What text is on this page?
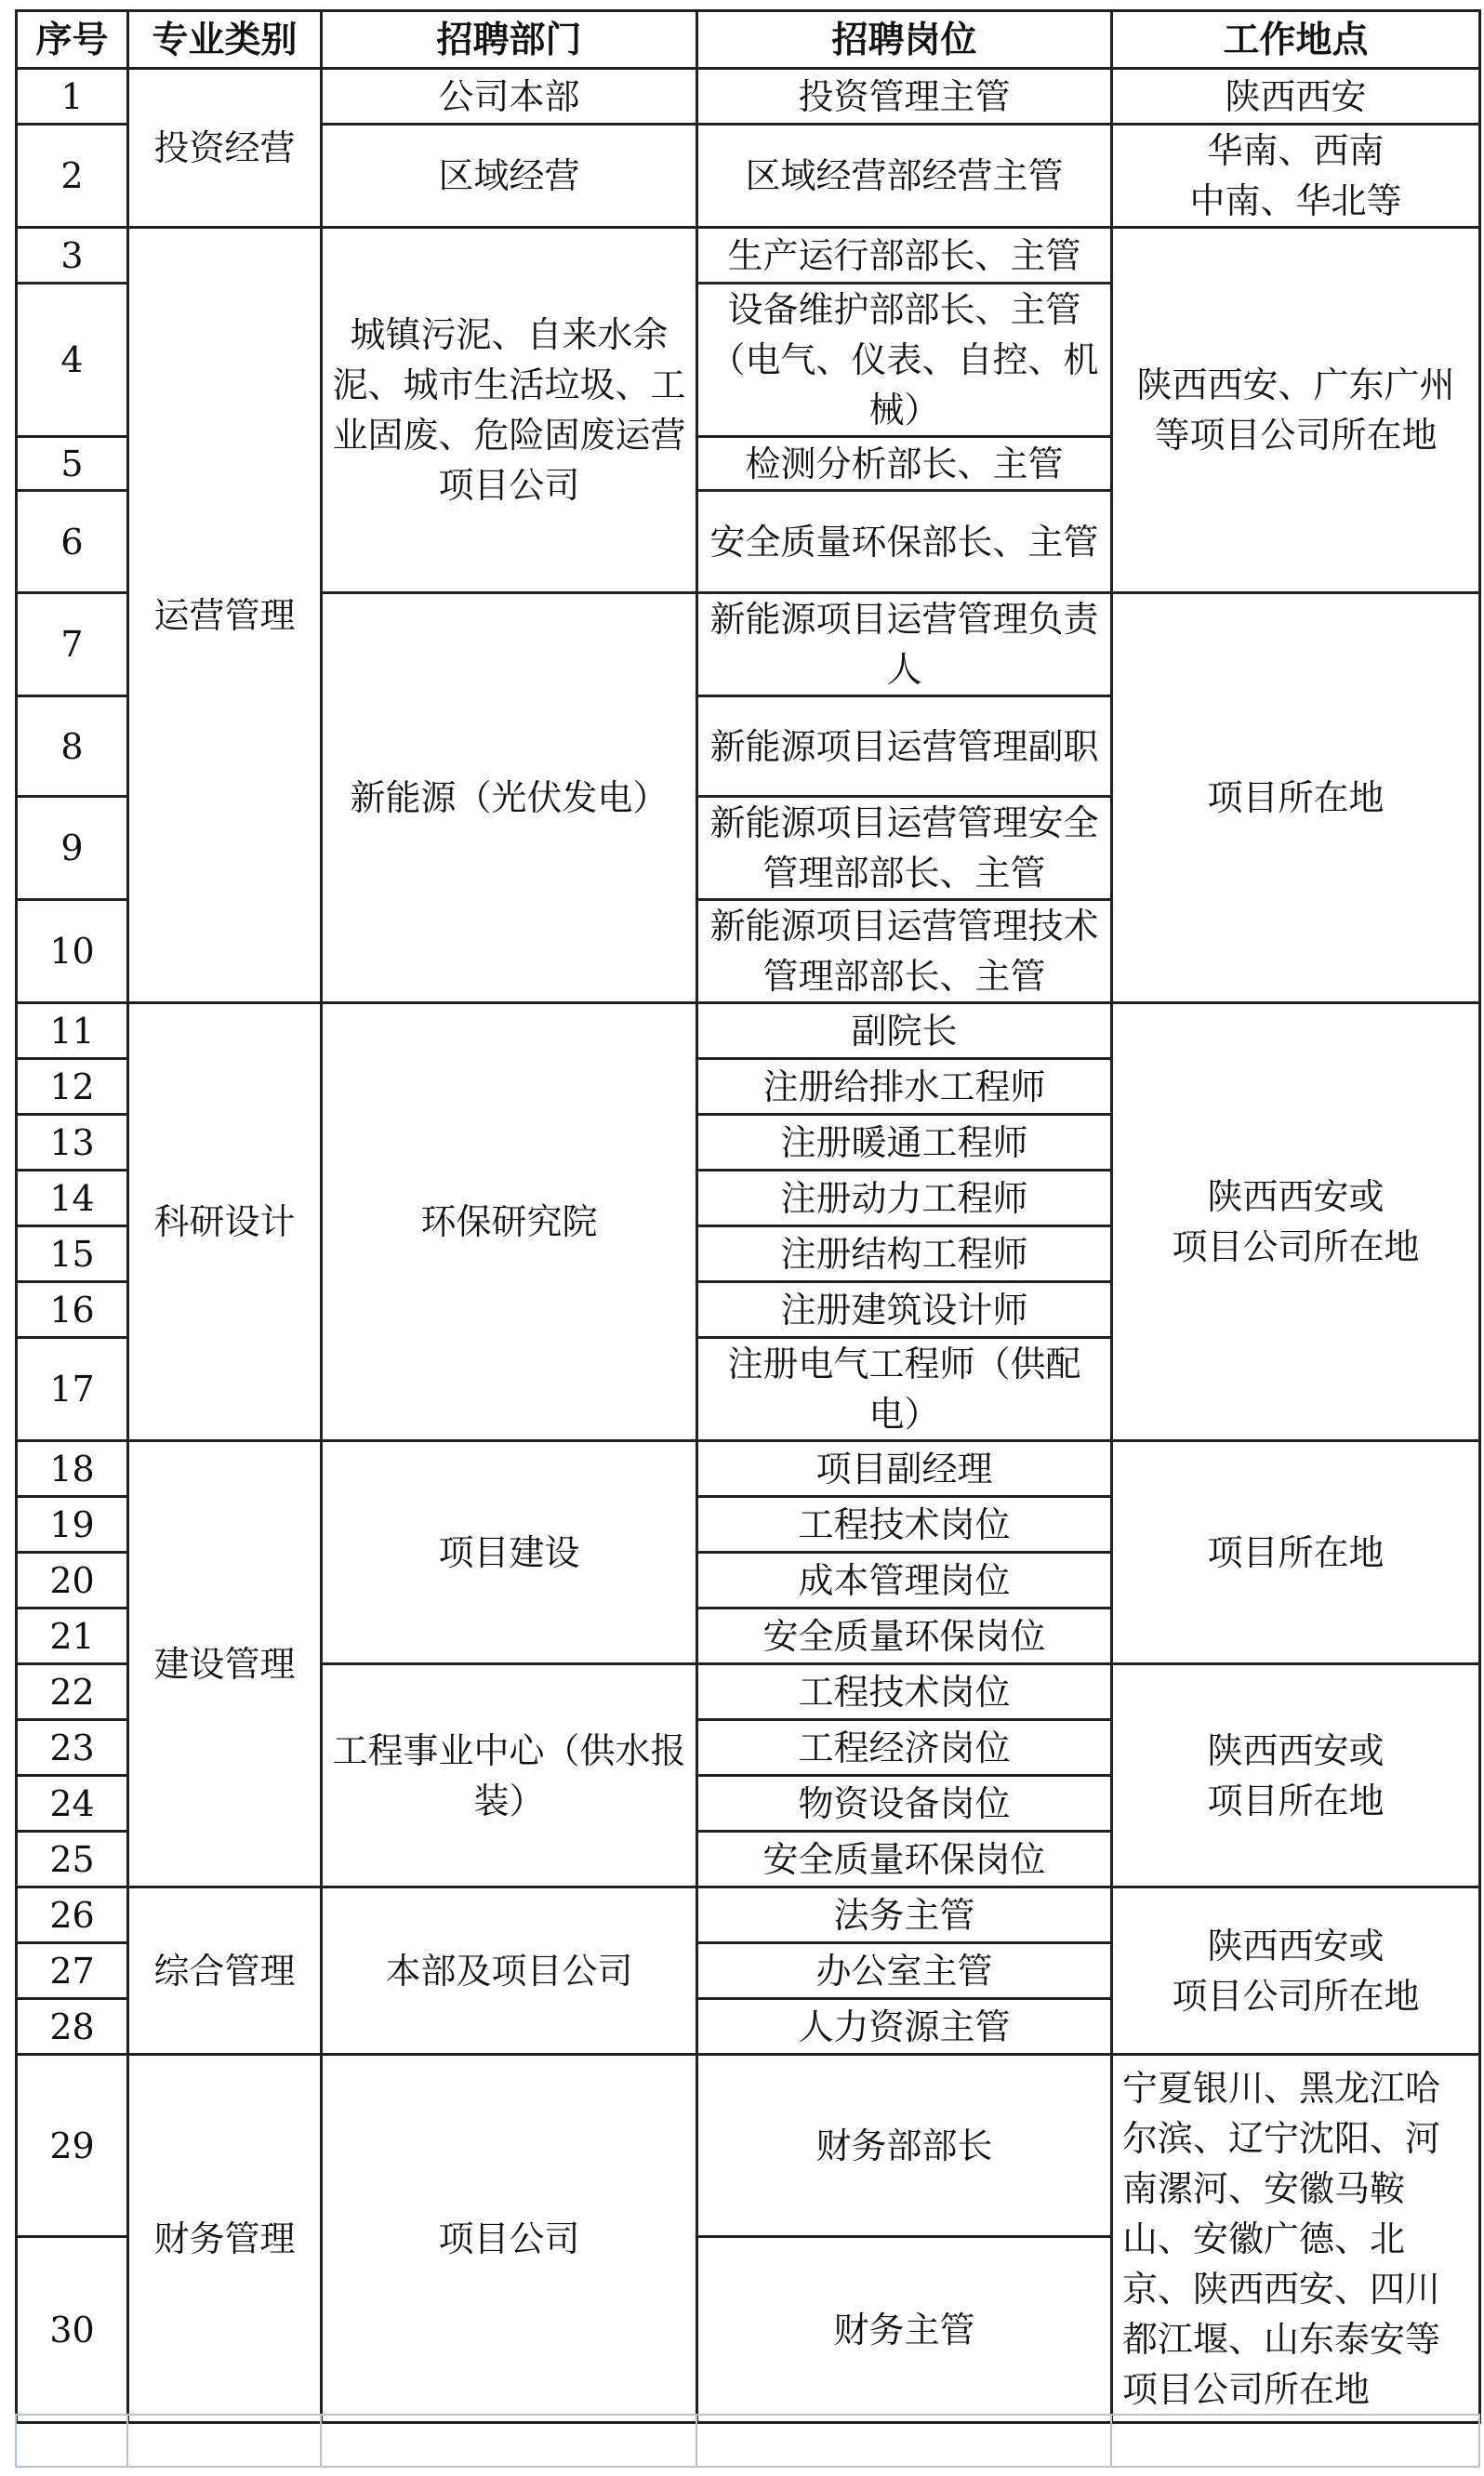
序号	专业类别	招聘部门	招聘岗位	工作地点
1	投资经营	公司本部	投资管理主管	陕西西安
2		区域经营	区域经营部经营主管	华南、西南
中南、华北等

3	运营管理	城镇污泥、自来水余泥、城市生活垃圾、工业固废、危险固废运营项目公司	生产运行部部长、主管	陕西西安、广东广州等项目公司所在地
4			设备维护部部长、主管（电气、仪表、自控、机械）	
5			检测分析部长、主管	
6			安全质量环保部长、主管	
7		新能源（光伏发电）	新能源项目运营管理负责人	项目所在地
8			新能源项目运营管理副职	
9			新能源项目运营管理安全管理部部长、主管	
10			新能源项目运营管理技术管理部部长、主管	
11	科研设计	环保研究院	副院长	陕西西安或
项目公司所在地

12			注册给排水工程师	
13			注册暖通工程师	
14			注册动力工程师	
15			注册结构工程师	
16			注册建筑设计师	
17			注册电气工程师（供配电）	
18	建设管理	项目建设	项目副经理	项目所在地
19			工程技术岗位	
20			成本管理岗位	
21			安全质量环保岗位	
22		工程事业中心（供水报装）	工程技术岗位	陕西西安或
项目所在地

23			工程经济岗位	
24			物资设备岗位	
25			安全质量环保岗位	
26	综合管理	本部及项目公司	法务主管	陕西西安或
项目公司所在地

27			办公室主管	
28			人力资源主管	
29	财务管理	项目公司	财务部部长	宁夏银川、黑龙江哈尔滨、辽宁沈阳、河南漯河、安徽马鞍山、安徽广德、北京、陕西西安、四川都江堰、山东泰安等项目公司所在地
30			财务主管	
